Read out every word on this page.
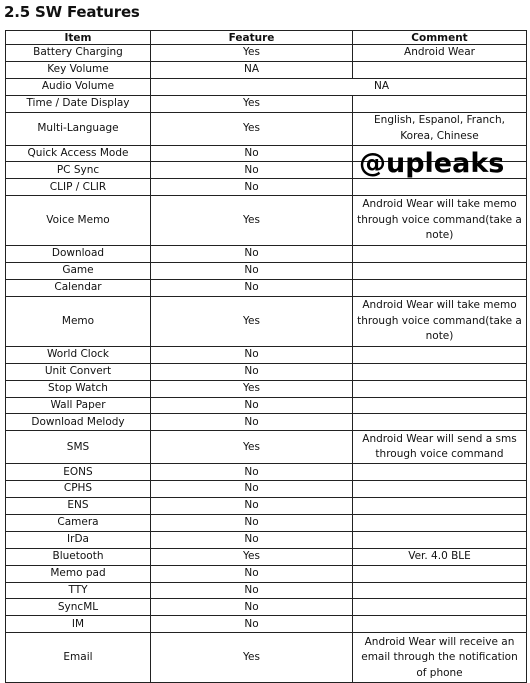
2.5 SW Features
Item	Feature	Comment
Battery Charging	Yes	Android Wear
Key Volume	NA	
Audio Volume	NA	
Time / Date Display	Yes	
Multi-Language	Yes	English, Espanol, Franch, Korea, Chinese
Quick Access Mode	No	
PC Sync	No	
CLIP / CLIR	No	
Voice Memo	Yes	Android Wear will take memo through voice command(take a note)
Download	No	
Game	No	
Calendar	No	
Memo	Yes	Android Wear will take memo through voice command(take a note)
World Clock	No	
Unit Convert	No	
Stop Watch	Yes	
Wall Paper	No	
Download Melody	No	
SMS	Yes	Android Wear will send a sms through voice command
EONS	No	
CPHS	No	
ENS	No	
Camera	No	
IrDa	No	
Bluetooth	Yes	Ver. 4.0 BLE
Memo pad	No	
TTY	No	
SyncML	No	
IM	No	
Email	Yes	Android Wear will receive an email through the notification of phone
@upleaks
